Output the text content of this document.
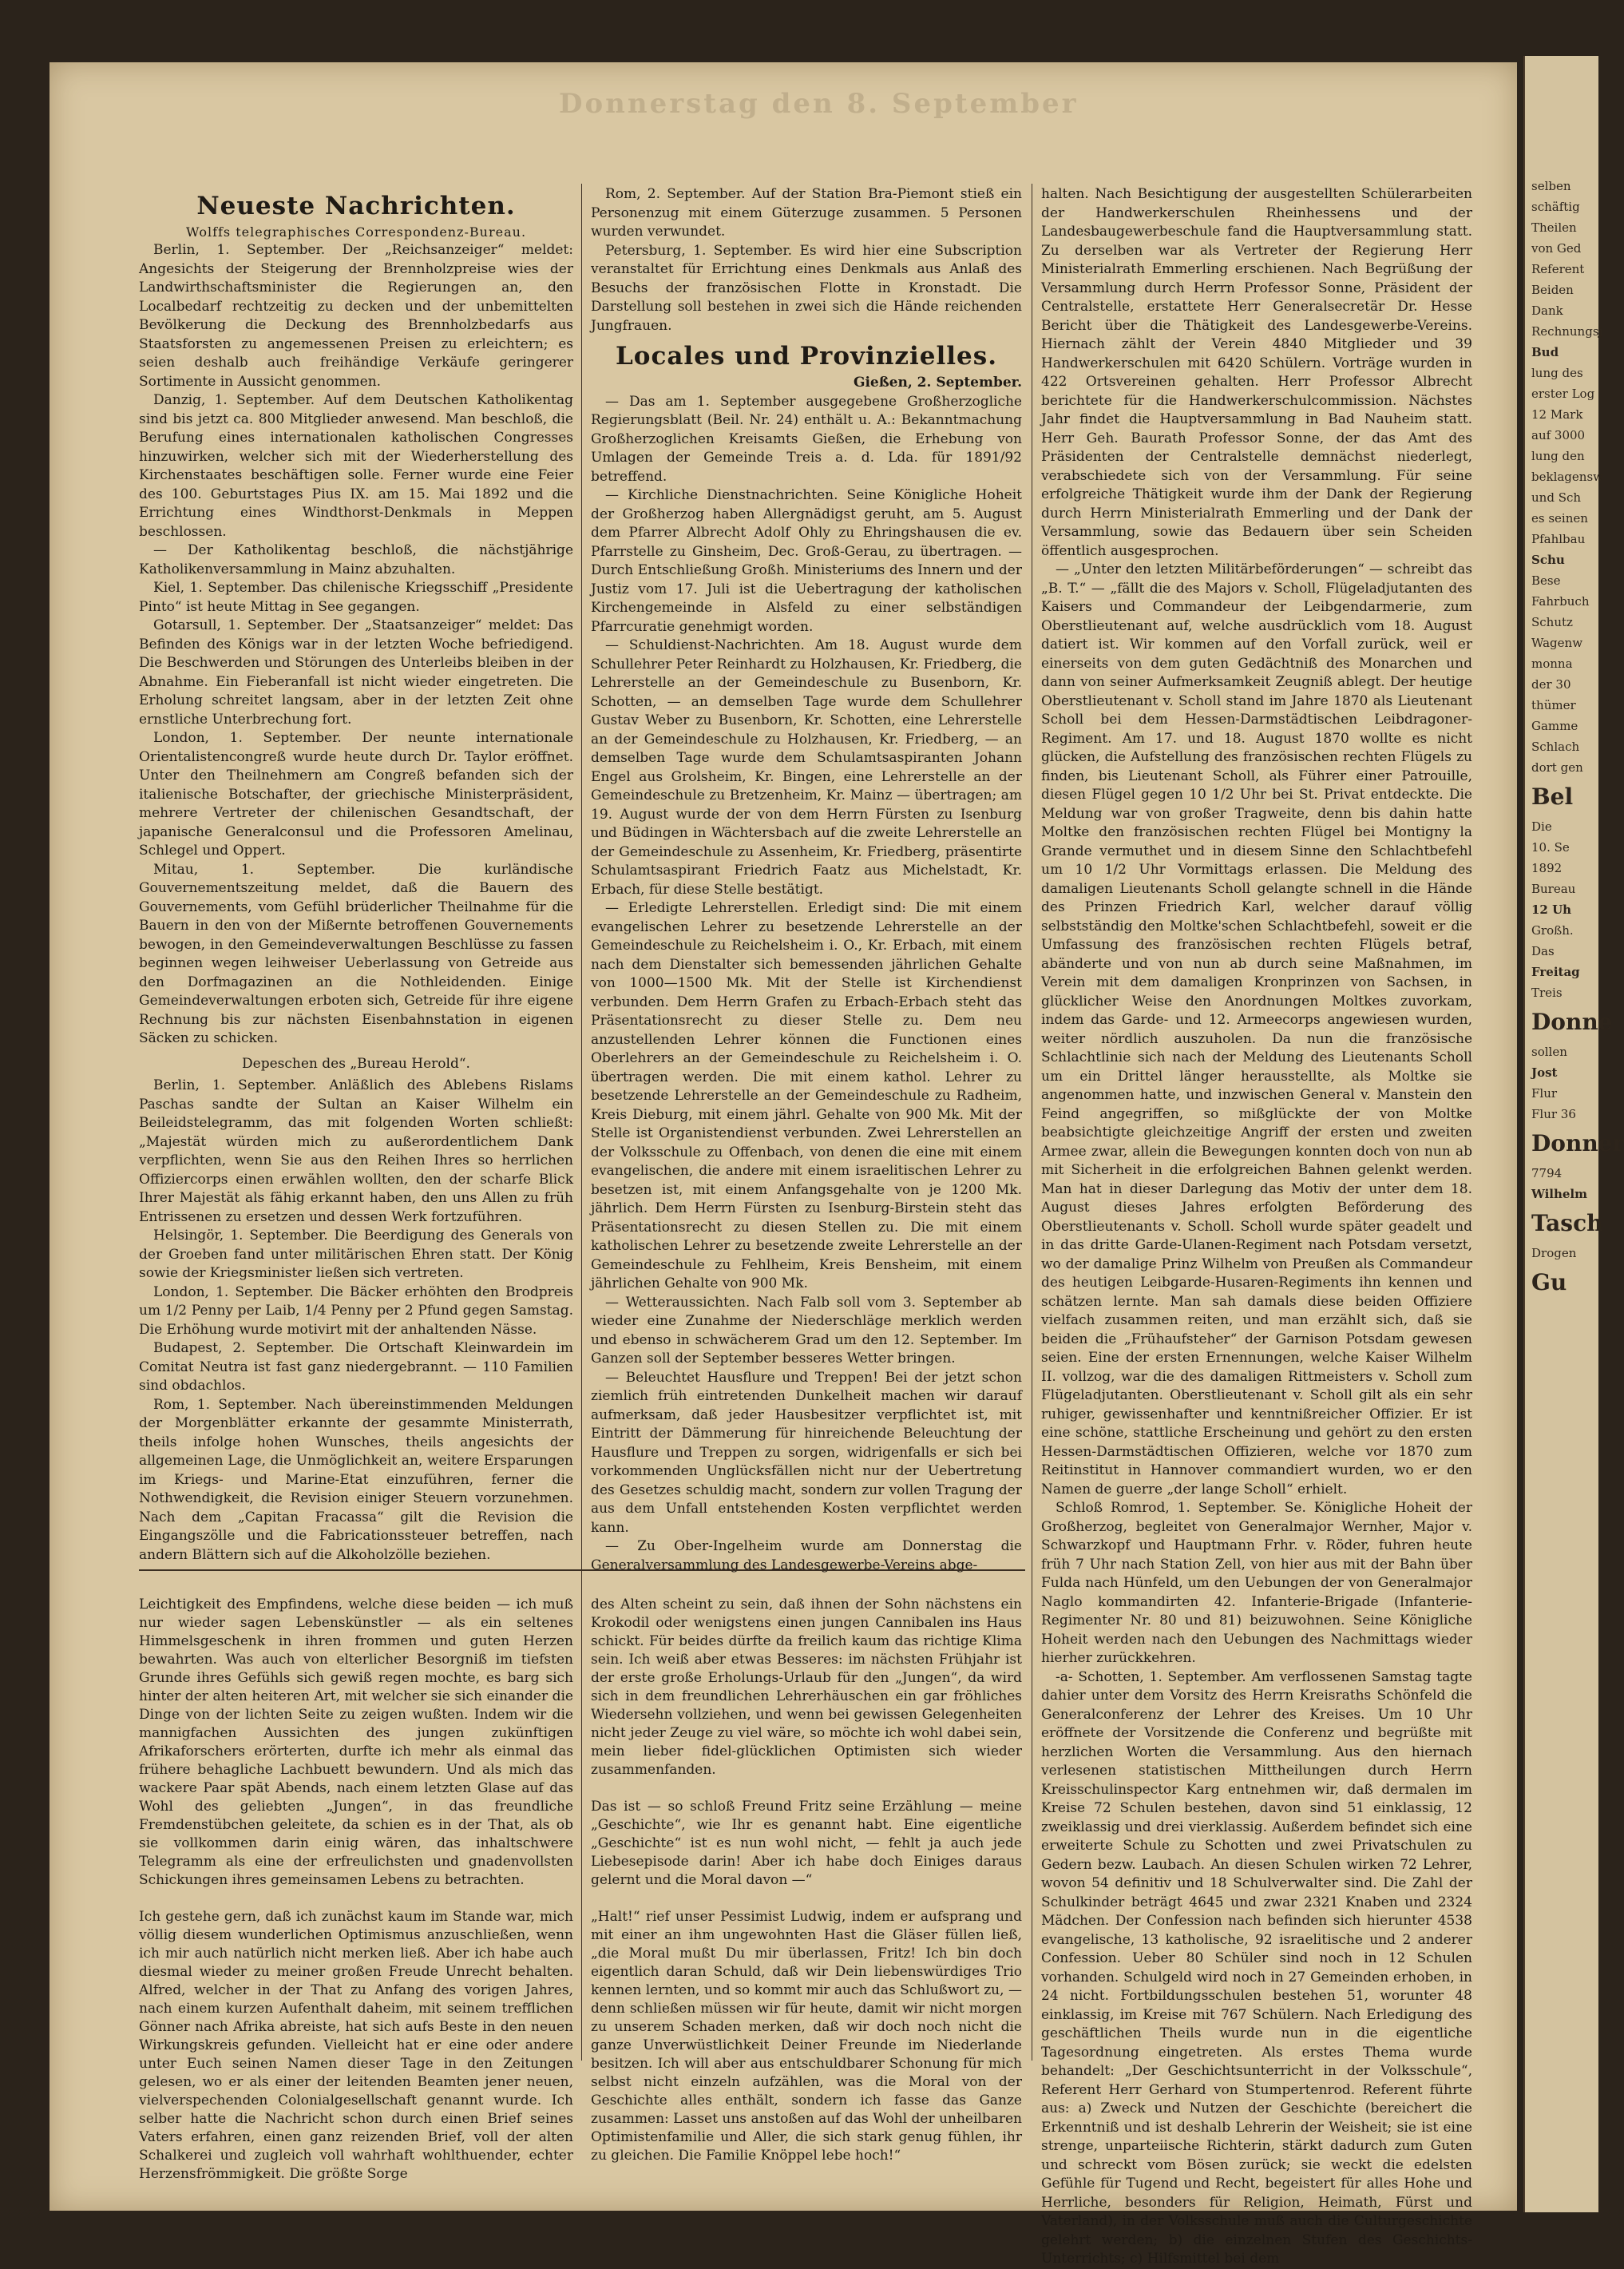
Donnerstag den 8. September
Neueste Nachrichten.
Wolffs telegraphisches Correspondenz-Bureau.

Berlin, 1. September. Der „Reichsanzeiger“ meldet: Angesichts der Steigerung der Brennholzpreise wies der Landwirthschaftsminister die Regierungen an, den Localbedarf rechtzeitig zu decken und der unbemittelten Bevölkerung die Deckung des Brennholzbedarfs aus Staatsforsten zu angemessenen Preisen zu erleichtern; es seien deshalb auch freihändige Verkäufe geringerer Sortimente in Aussicht genommen.

Danzig, 1. September. Auf dem Deutschen Katholikentag sind bis jetzt ca. 800 Mitglieder anwesend. Man beschloß, die Berufung eines internationalen katholischen Congresses hinzuwirken, welcher sich mit der Wiederherstellung des Kirchenstaates beschäftigen solle. Ferner wurde eine Feier des 100. Geburtstages Pius IX. am 15. Mai 1892 und die Errichtung eines Windthorst-Denkmals in Meppen beschlossen.

— Der Katholikentag beschloß, die nächstjährige Katholikenversammlung in Mainz abzuhalten.

Kiel, 1. September. Das chilenische Kriegsschiff „Presidente Pinto“ ist heute Mittag in See gegangen.

Gotarsull, 1. September. Der „Staatsanzeiger“ meldet: Das Befinden des Königs war in der letzten Woche befriedigend. Die Beschwerden und Störungen des Unterleibs bleiben in der Abnahme. Ein Fieberanfall ist nicht wieder eingetreten. Die Erholung schreitet langsam, aber in der letzten Zeit ohne ernstliche Unterbrechung fort.

London, 1. September. Der neunte internationale Orientalistencongreß wurde heute durch Dr. Taylor eröffnet. Unter den Theilnehmern am Congreß befanden sich der italienische Botschafter, der griechische Ministerpräsident, mehrere Vertreter der chilenischen Gesandtschaft, der japanische Generalconsul und die Professoren Amelinau, Schlegel und Oppert.

Mitau, 1. September. Die kurländische Gouvernementszeitung meldet, daß die Bauern des Gouvernements, vom Gefühl brüderlicher Theilnahme für die Bauern in den von der Mißernte betroffenen Gouvernements bewogen, in den Gemeindeverwaltungen Beschlüsse zu fassen beginnen wegen leihweiser Ueberlassung von Getreide aus den Dorfmagazinen an die Nothleidenden. Einige Gemeindeverwaltungen erboten sich, Getreide für ihre eigene Rechnung bis zur nächsten Eisenbahnstation in eigenen Säcken zu schicken.

Depeschen des „Bureau Herold“.

Berlin, 1. September. Anläßlich des Ablebens Rislams Paschas sandte der Sultan an Kaiser Wilhelm ein Beileidstelegramm, das mit folgenden Worten schließt: „Majestät würden mich zu außerordentlichem Dank verpflichten, wenn Sie aus den Reihen Ihres so herrlichen Offiziercorps einen erwählen wollten, den der scharfe Blick Ihrer Majestät als fähig erkannt haben, den uns Allen zu früh Entrissenen zu ersetzen und dessen Werk fortzuführen.

Helsingör, 1. September. Die Beerdigung des Generals von der Groeben fand unter militärischen Ehren statt. Der König sowie der Kriegsminister ließen sich vertreten.

London, 1. September. Die Bäcker erhöhten den Brodpreis um 1/2 Penny per Laib, 1/4 Penny per 2 Pfund gegen Samstag. Die Erhöhung wurde motivirt mit der anhaltenden Nässe.

Budapest, 2. September. Die Ortschaft Kleinwardein im Comitat Neutra ist fast ganz niedergebrannt. — 110 Familien sind obdachlos.

Rom, 1. September. Nach übereinstimmenden Meldungen der Morgenblätter erkannte der gesammte Ministerrath, theils infolge hohen Wunsches, theils angesichts der allgemeinen Lage, die Unmöglichkeit an, weitere Ersparungen im Kriegs- und Marine-Etat einzuführen, ferner die Nothwendigkeit, die Revision einiger Steuern vorzunehmen. Nach dem „Capitan Fracassa“ gilt die Revision die Eingangszölle und die Fabricationssteuer betreffen, nach andern Blättern sich auf die Alkoholzölle beziehen.

Rom, 2. September. Auf der Station Bra-Piemont stieß ein Personenzug mit einem Güterzuge zusammen. 5 Personen wurden verwundet.

Petersburg, 1. September. Es wird hier eine Subscription veranstaltet für Errichtung eines Denkmals aus Anlaß des Besuchs der französischen Flotte in Kronstadt. Die Darstellung soll bestehen in zwei sich die Hände reichenden Jungfrauen.

Locales und Provinzielles.
Gießen, 2. September.

— Das am 1. September ausgegebene Großherzogliche Regierungsblatt (Beil. Nr. 24) enthält u. A.: Bekanntmachung Großherzoglichen Kreisamts Gießen, die Erhebung von Umlagen der Gemeinde Treis a. d. Lda. für 1891/92 betreffend.

— Kirchliche Dienstnachrichten. Seine Königliche Hoheit der Großherzog haben Allergnädigst geruht, am 5. August dem Pfarrer Albrecht Adolf Ohly zu Ehringshausen die ev. Pfarrstelle zu Ginsheim, Dec. Groß-Gerau, zu übertragen. — Durch Entschließung Großh. Ministeriums des Innern und der Justiz vom 17. Juli ist die Uebertragung der katholischen Kirchengemeinde in Alsfeld zu einer selbständigen Pfarrcuratie genehmigt worden.

— Schuldienst-Nachrichten. Am 18. August wurde dem Schullehrer Peter Reinhardt zu Holzhausen, Kr. Friedberg, die Lehrerstelle an der Gemeindeschule zu Busenborn, Kr. Schotten, — an demselben Tage wurde dem Schullehrer Gustav Weber zu Busenborn, Kr. Schotten, eine Lehrerstelle an der Gemeindeschule zu Holzhausen, Kr. Friedberg, — an demselben Tage wurde dem Schulamtsaspiranten Johann Engel aus Grolsheim, Kr. Bingen, eine Lehrerstelle an der Gemeindeschule zu Bretzenheim, Kr. Mainz — übertragen; am 19. August wurde der von dem Herrn Fürsten zu Isenburg und Büdingen in Wächtersbach auf die zweite Lehrerstelle an der Gemeindeschule zu Assenheim, Kr. Friedberg, präsentirte Schulamtsaspirant Friedrich Faatz aus Michelstadt, Kr. Erbach, für diese Stelle bestätigt.

— Erledigte Lehrerstellen. Erledigt sind: Die mit einem evangelischen Lehrer zu besetzende Lehrerstelle an der Gemeindeschule zu Reichelsheim i. O., Kr. Erbach, mit einem nach dem Dienstalter sich bemessenden jährlichen Gehalte von 1000—1500 Mk. Mit der Stelle ist Kirchendienst verbunden. Dem Herrn Grafen zu Erbach-Erbach steht das Präsentationsrecht zu dieser Stelle zu. Dem neu anzustellenden Lehrer können die Functionen eines Oberlehrers an der Gemeindeschule zu Reichelsheim i. O. übertragen werden. Die mit einem kathol. Lehrer zu besetzende Lehrerstelle an der Gemeindeschule zu Radheim, Kreis Dieburg, mit einem jährl. Gehalte von 900 Mk. Mit der Stelle ist Organistendienst verbunden. Zwei Lehrerstellen an der Volksschule zu Offenbach, von denen die eine mit einem evangelischen, die andere mit einem israelitischen Lehrer zu besetzen ist, mit einem Anfangsgehalte von je 1200 Mk. jährlich. Dem Herrn Fürsten zu Isenburg-Birstein steht das Präsentationsrecht zu diesen Stellen zu. Die mit einem katholischen Lehrer zu besetzende zweite Lehrerstelle an der Gemeindeschule zu Fehlheim, Kreis Bensheim, mit einem jährlichen Gehalte von 900 Mk.

— Wetteraussichten. Nach Falb soll vom 3. September ab wieder eine Zunahme der Niederschläge merklich werden und ebenso in schwächerem Grad um den 12. September. Im Ganzen soll der September besseres Wetter bringen.

— Beleuchtet Hausflure und Treppen! Bei der jetzt schon ziemlich früh eintretenden Dunkelheit machen wir darauf aufmerksam, daß jeder Hausbesitzer verpflichtet ist, mit Eintritt der Dämmerung für hinreichende Beleuchtung der Hausflure und Treppen zu sorgen, widrigenfalls er sich bei vorkommenden Unglücksfällen nicht nur der Uebertretung des Gesetzes schuldig macht, sondern zur vollen Tragung der aus dem Unfall entstehenden Kosten verpflichtet werden kann.

— Zu Ober-Ingelheim wurde am Donnerstag die Generalversammlung des Landesgewerbe-Vereins abge-

halten. Nach Besichtigung der ausgestellten Schülerarbeiten der Handwerkerschulen Rheinhessens und der Landesbaugewerbeschule fand die Hauptversammlung statt. Zu derselben war als Vertreter der Regierung Herr Ministerialrath Emmerling erschienen. Nach Begrüßung der Versammlung durch Herrn Professor Sonne, Präsident der Centralstelle, erstattete Herr Generalsecretär Dr. Hesse Bericht über die Thätigkeit des Landesgewerbe-Vereins. Hiernach zählt der Verein 4840 Mitglieder und 39 Handwerkerschulen mit 6420 Schülern. Vorträge wurden in 422 Ortsvereinen gehalten. Herr Professor Albrecht berichtete für die Handwerkerschulcommission. Nächstes Jahr findet die Hauptversammlung in Bad Nauheim statt. Herr Geh. Baurath Professor Sonne, der das Amt des Präsidenten der Centralstelle demnächst niederlegt, verabschiedete sich von der Versammlung. Für seine erfolgreiche Thätigkeit wurde ihm der Dank der Regierung durch Herrn Ministerialrath Emmerling und der Dank der Versammlung, sowie das Bedauern über sein Scheiden öffentlich ausgesprochen.

— „Unter den letzten Militärbeförderungen“ — schreibt das „B. T.“ — „fällt die des Majors v. Scholl, Flügeladjutanten des Kaisers und Commandeur der Leibgendarmerie, zum Oberstlieutenant auf, welche ausdrücklich vom 18. August datiert ist. Wir kommen auf den Vorfall zurück, weil er einerseits von dem guten Gedächtniß des Monarchen und dann von seiner Aufmerksamkeit Zeugniß ablegt. Der heutige Oberstlieutenant v. Scholl stand im Jahre 1870 als Lieutenant Scholl bei dem Hessen-Darmstädtischen Leibdragoner-Regiment. Am 17. und 18. August 1870 wollte es nicht glücken, die Aufstellung des französischen rechten Flügels zu finden, bis Lieutenant Scholl, als Führer einer Patrouille, diesen Flügel gegen 10 1/2 Uhr bei St. Privat entdeckte. Die Meldung war von großer Tragweite, denn bis dahin hatte Moltke den französischen rechten Flügel bei Montigny la Grande vermuthet und in diesem Sinne den Schlachtbefehl um 10 1/2 Uhr Vormittags erlassen. Die Meldung des damaligen Lieutenants Scholl gelangte schnell in die Hände des Prinzen Friedrich Karl, welcher darauf völlig selbstständig den Moltke'schen Schlachtbefehl, soweit er die Umfassung des französischen rechten Flügels betraf, abänderte und von nun ab durch seine Maßnahmen, im Verein mit dem damaligen Kronprinzen von Sachsen, in glücklicher Weise den Anordnungen Moltkes zuvorkam, indem das Garde- und 12. Armeecorps angewiesen wurden, weiter nördlich auszuholen. Da nun die französische Schlachtlinie sich nach der Meldung des Lieutenants Scholl um ein Drittel länger herausstellte, als Moltke sie angenommen hatte, und inzwischen General v. Manstein den Feind angegriffen, so mißglückte der von Moltke beabsichtigte gleichzeitige Angriff der ersten und zweiten Armee zwar, allein die Bewegungen konnten doch von nun ab mit Sicherheit in die erfolgreichen Bahnen gelenkt werden. Man hat in dieser Darlegung das Motiv der unter dem 18. August dieses Jahres erfolgten Beförderung des Oberstlieutenants v. Scholl. Scholl wurde später geadelt und in das dritte Garde-Ulanen-Regiment nach Potsdam versetzt, wo der damalige Prinz Wilhelm von Preußen als Commandeur des heutigen Leibgarde-Husaren-Regiments ihn kennen und schätzen lernte. Man sah damals diese beiden Offiziere vielfach zusammen reiten, und man erzählt sich, daß sie beiden die „Frühaufsteher“ der Garnison Potsdam gewesen seien. Eine der ersten Ernennungen, welche Kaiser Wilhelm II. vollzog, war die des damaligen Rittmeisters v. Scholl zum Flügeladjutanten. Oberstlieutenant v. Scholl gilt als ein sehr ruhiger, gewissenhafter und kenntnißreicher Offizier. Er ist eine schöne, stattliche Erscheinung und gehört zu den ersten Hessen-Darmstädtischen Offizieren, welche vor 1870 zum Reitinstitut in Hannover commandiert wurden, wo er den Namen de guerre „der lange Scholl“ erhielt.

Schloß Romrod, 1. September. Se. Königliche Hoheit der Großherzog, begleitet von Generalmajor Wernher, Major v. Schwarzkopf und Hauptmann Frhr. v. Röder, fuhren heute früh 7 Uhr nach Station Zell, von hier aus mit der Bahn über Fulda nach Hünfeld, um den Uebungen der von Generalmajor Naglo kommandirten 42. Infanterie-Brigade (Infanterie-Regimenter Nr. 80 und 81) beizuwohnen. Seine Königliche Hoheit werden nach den Uebungen des Nachmittags wieder hierher zurückkehren.

-a- Schotten, 1. September. Am verflossenen Samstag tagte dahier unter dem Vorsitz des Herrn Kreisraths Schönfeld die Generalconferenz der Lehrer des Kreises. Um 10 Uhr eröffnete der Vorsitzende die Conferenz und begrüßte mit herzlichen Worten die Versammlung. Aus den hiernach verlesenen statistischen Mittheilungen durch Herrn Kreisschulinspector Karg entnehmen wir, daß dermalen im Kreise 72 Schulen bestehen, davon sind 51 einklassig, 12 zweiklassig und drei vierklassig. Außerdem befindet sich eine erweiterte Schule zu Schotten und zwei Privatschulen zu Gedern bezw. Laubach. An diesen Schulen wirken 72 Lehrer, wovon 54 definitiv und 18 Schulverwalter sind. Die Zahl der Schulkinder beträgt 4645 und zwar 2321 Knaben und 2324 Mädchen. Der Confession nach befinden sich hierunter 4538 evangelische, 13 katholische, 92 israelitische und 2 anderer Confession. Ueber 80 Schüler sind noch in 12 Schulen vorhanden. Schulgeld wird noch in 27 Gemeinden erhoben, in 24 nicht. Fortbildungsschulen bestehen 51, worunter 48 einklassig, im Kreise mit 767 Schülern. Nach Erledigung des geschäftlichen Theils wurde nun in die eigentliche Tagesordnung eingetreten. Als erstes Thema wurde behandelt: „Der Geschichtsunterricht in der Volksschule“, Referent Herr Gerhard von Stumpertenrod. Referent führte aus: a) Zweck und Nutzen der Geschichte (bereichert die Erkenntniß und ist deshalb Lehrerin der Weisheit; sie ist eine strenge, unparteiische Richterin, stärkt dadurch zum Guten und schreckt vom Bösen zurück; sie weckt die edelsten Gefühle für Tugend und Recht, begeistert für alles Hohe und Herrliche, besonders für Religion, Heimath, Fürst und Vaterland), in der Volksschule muß auch die Culturgeschichte gelehrt werden; b) die einzelnen Stufen des Geschichts-Unterrichts; c) Hilfsmittel bei dem

Leichtigkeit des Empfindens, welche diese beiden — ich muß nur wieder sagen Lebenskünstler — als ein seltenes Himmelsgeschenk in ihren frommen und guten Herzen bewahrten. Was auch von elterlicher Besorgniß im tiefsten Grunde ihres Gefühls sich gewiß regen mochte, es barg sich hinter der alten heiteren Art, mit welcher sie sich einander die Dinge von der lichten Seite zu zeigen wußten. Indem wir die mannigfachen Aussichten des jungen zukünftigen Afrikaforschers erörterten, durfte ich mehr als einmal das frühere behagliche Lachbuett bewundern. Und als mich das wackere Paar spät Abends, nach einem letzten Glase auf das Wohl des geliebten „Jungen“, in das freundliche Fremdenstübchen geleitete, da schien es in der That, als ob sie vollkommen darin einig wären, das inhaltschwere Telegramm als eine der erfreulichsten und gnadenvollsten Schickungen ihres gemeinsamen Lebens zu betrachten.

Ich gestehe gern, daß ich zunächst kaum im Stande war, mich völlig diesem wunderlichen Optimismus anzuschließen, wenn ich mir auch natürlich nicht merken ließ. Aber ich habe auch diesmal wieder zu meiner großen Freude Unrecht behalten. Alfred, welcher in der That zu Anfang des vorigen Jahres, nach einem kurzen Aufenthalt daheim, mit seinem trefflichen Gönner nach Afrika abreiste, hat sich aufs Beste in den neuen Wirkungskreis gefunden. Vielleicht hat er eine oder andere unter Euch seinen Namen dieser Tage in den Zeitungen gelesen, wo er als einer der leitenden Beamten jener neuen, vielverspechenden Colonialgesellschaft genannt wurde. Ich selber hatte die Nachricht schon durch einen Brief seines Vaters erfahren, einen ganz reizenden Brief, voll der alten Schalkerei und zugleich voll wahrhaft wohlthuender, echter Herzensfrömmigkeit. Die größte Sorge

des Alten scheint zu sein, daß ihnen der Sohn nächstens ein Krokodil oder wenigstens einen jungen Cannibalen ins Haus schickt. Für beides dürfte da freilich kaum das richtige Klima sein. Ich weiß aber etwas Besseres: im nächsten Frühjahr ist der erste große Erholungs-Urlaub für den „Jungen“, da wird sich in dem freundlichen Lehrerhäuschen ein gar fröhliches Wiedersehn vollziehen, und wenn bei gewissen Gelegenheiten nicht jeder Zeuge zu viel wäre, so möchte ich wohl dabei sein, mein lieber fidel-glücklichen Optimisten sich wieder zusammenfanden.

Das ist — so schloß Freund Fritz seine Erzählung — meine „Geschichte“, wie Ihr es genannt habt. Eine eigentliche „Geschichte“ ist es nun wohl nicht, — fehlt ja auch jede Liebesepisode darin! Aber ich habe doch Einiges daraus gelernt und die Moral davon —“

„Halt!“ rief unser Pessimist Ludwig, indem er aufsprang und mit einer an ihm ungewohnten Hast die Gläser füllen ließ, „die Moral mußt Du mir überlassen, Fritz! Ich bin doch eigentlich daran Schuld, daß wir Dein liebenswürdiges Trio kennen lernten, und so kommt mir auch das Schlußwort zu, — denn schließen müssen wir für heute, damit wir nicht morgen zu unserem Schaden merken, daß wir doch noch nicht die ganze Unverwüstlichkeit Deiner Freunde im Niederlande besitzen. Ich will aber aus entschuldbarer Schonung für mich selbst nicht einzeln aufzählen, was die Moral von der Geschichte alles enthält, sondern ich fasse das Ganze zusammen: Lasset uns anstoßen auf das Wohl der unheilbaren Optimistenfamilie und Aller, die sich stark genug fühlen, ihr zu gleichen. Die Familie Knöppel lebe hoch!“

selben
schäftig
Theilen
von Ged
Referent
Beiden
Dank
Rechnungsj
Bud
lung des
erster Log
12 Mark
auf 3000
lung den
beklagensw
und Sch
es seinen
Pfahlbau
Schu
Bese
Fahrbuch
Schutz
Wagenw
monna
der 30
thümer
Gamme
Schlach
dort gen
Bel
Die
10. Se
1892
Bureau
12 Uh
Großh.
Das
Freitag
Treis
Donne
sollen
Jost
Flur
Flur 36
Donner
7794
Wilhelm
Tasch
Drogen
Gu
